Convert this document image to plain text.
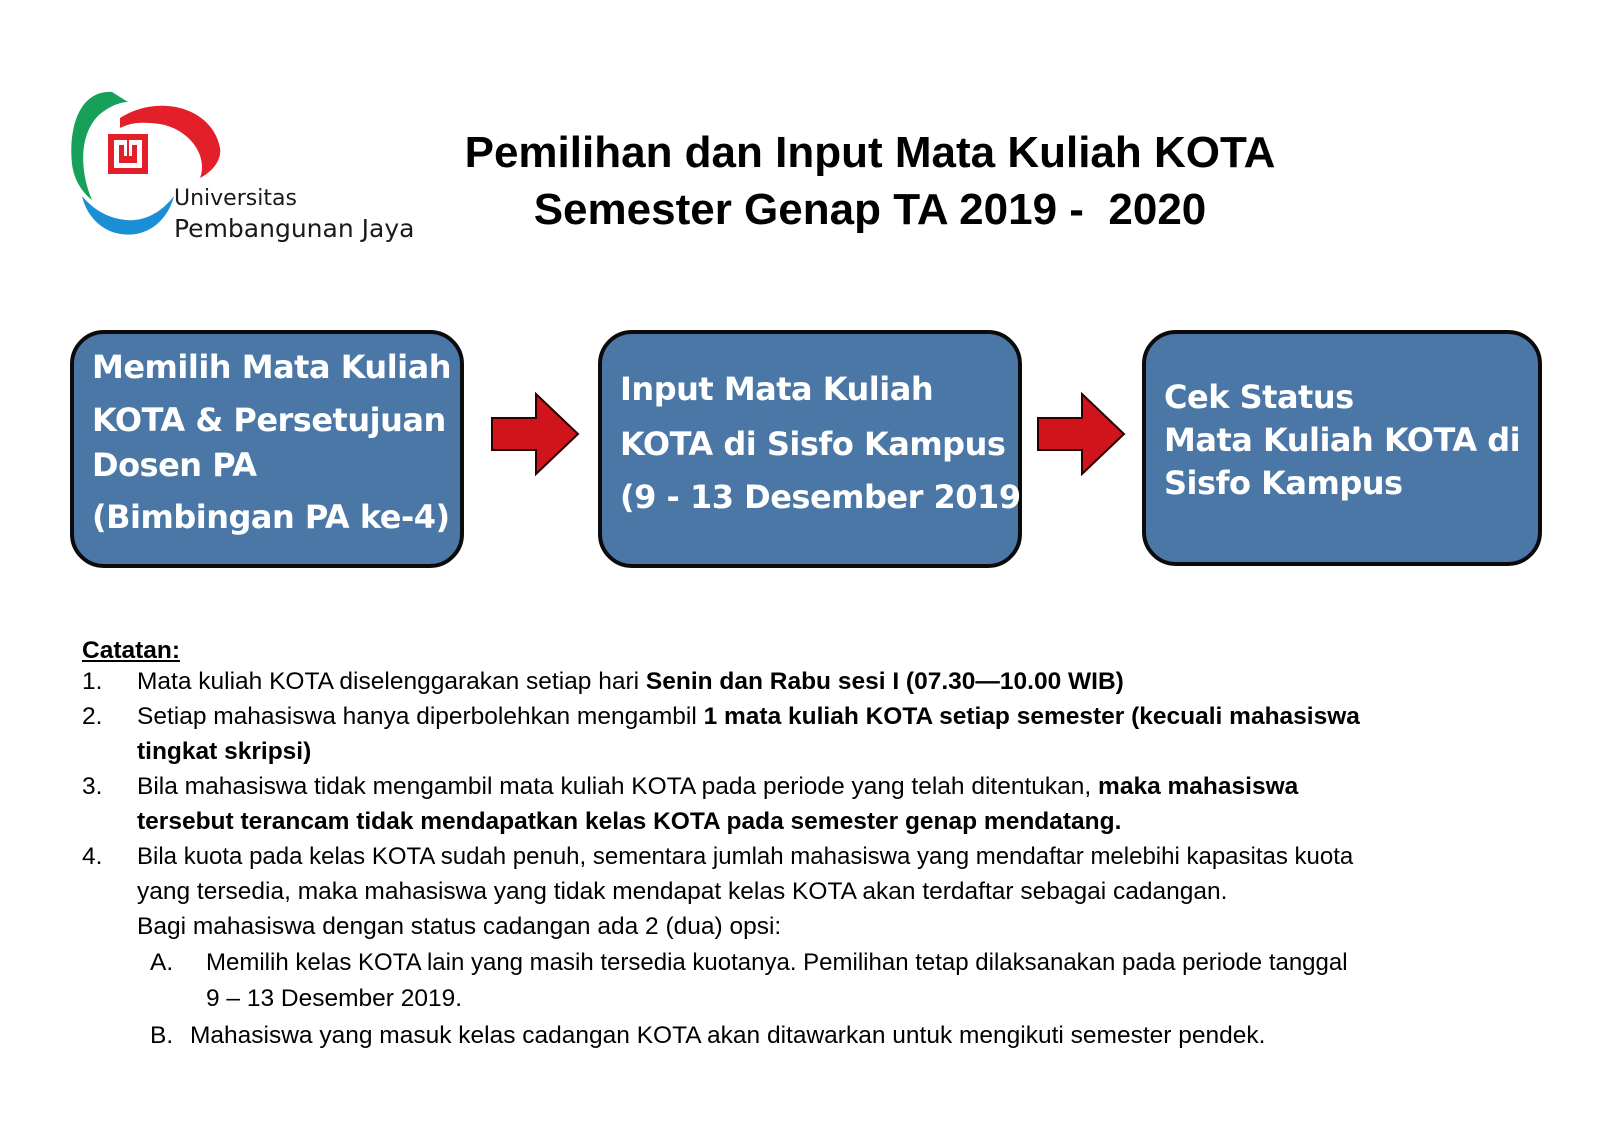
Universitas
Pembangunan Jaya
Pemilihan dan Input Mata Kuliah KOTA
Semester Genap TA 2019 -  2020
Memilih Mata Kuliah
KOTA & Persetujuan
Dosen PA
(Bimbingan PA ke-4)
Input Mata Kuliah
KOTA di Sisfo Kampus
(9 - 13 Desember 2019)
Cek Status
Mata Kuliah KOTA di
Sisfo Kampus
Catatan:
1. Mata kuliah KOTA diselenggarakan setiap hari Senin dan Rabu sesi I (07.30—10.00 WIB)
2. Setiap mahasiswa hanya diperbolehkan mengambil 1 mata kuliah KOTA setiap semester (kecuali mahasiswa
tingkat skripsi)
3. Bila mahasiswa tidak mengambil mata kuliah KOTA pada periode yang telah ditentukan, maka mahasiswa
tersebut terancam tidak mendapatkan kelas KOTA pada semester genap mendatang.
4. Bila kuota pada kelas KOTA sudah penuh, sementara jumlah mahasiswa yang mendaftar melebihi kapasitas kuota
yang tersedia, maka mahasiswa yang tidak mendapat kelas KOTA akan terdaftar sebagai cadangan.
Bagi mahasiswa dengan status cadangan ada 2 (dua) opsi:
A. Memilih kelas KOTA lain yang masih tersedia kuotanya. Pemilihan tetap dilaksanakan pada periode tanggal
9 – 13 Desember 2019.
B. Mahasiswa yang masuk kelas cadangan KOTA akan ditawarkan untuk mengikuti semester pendek.
